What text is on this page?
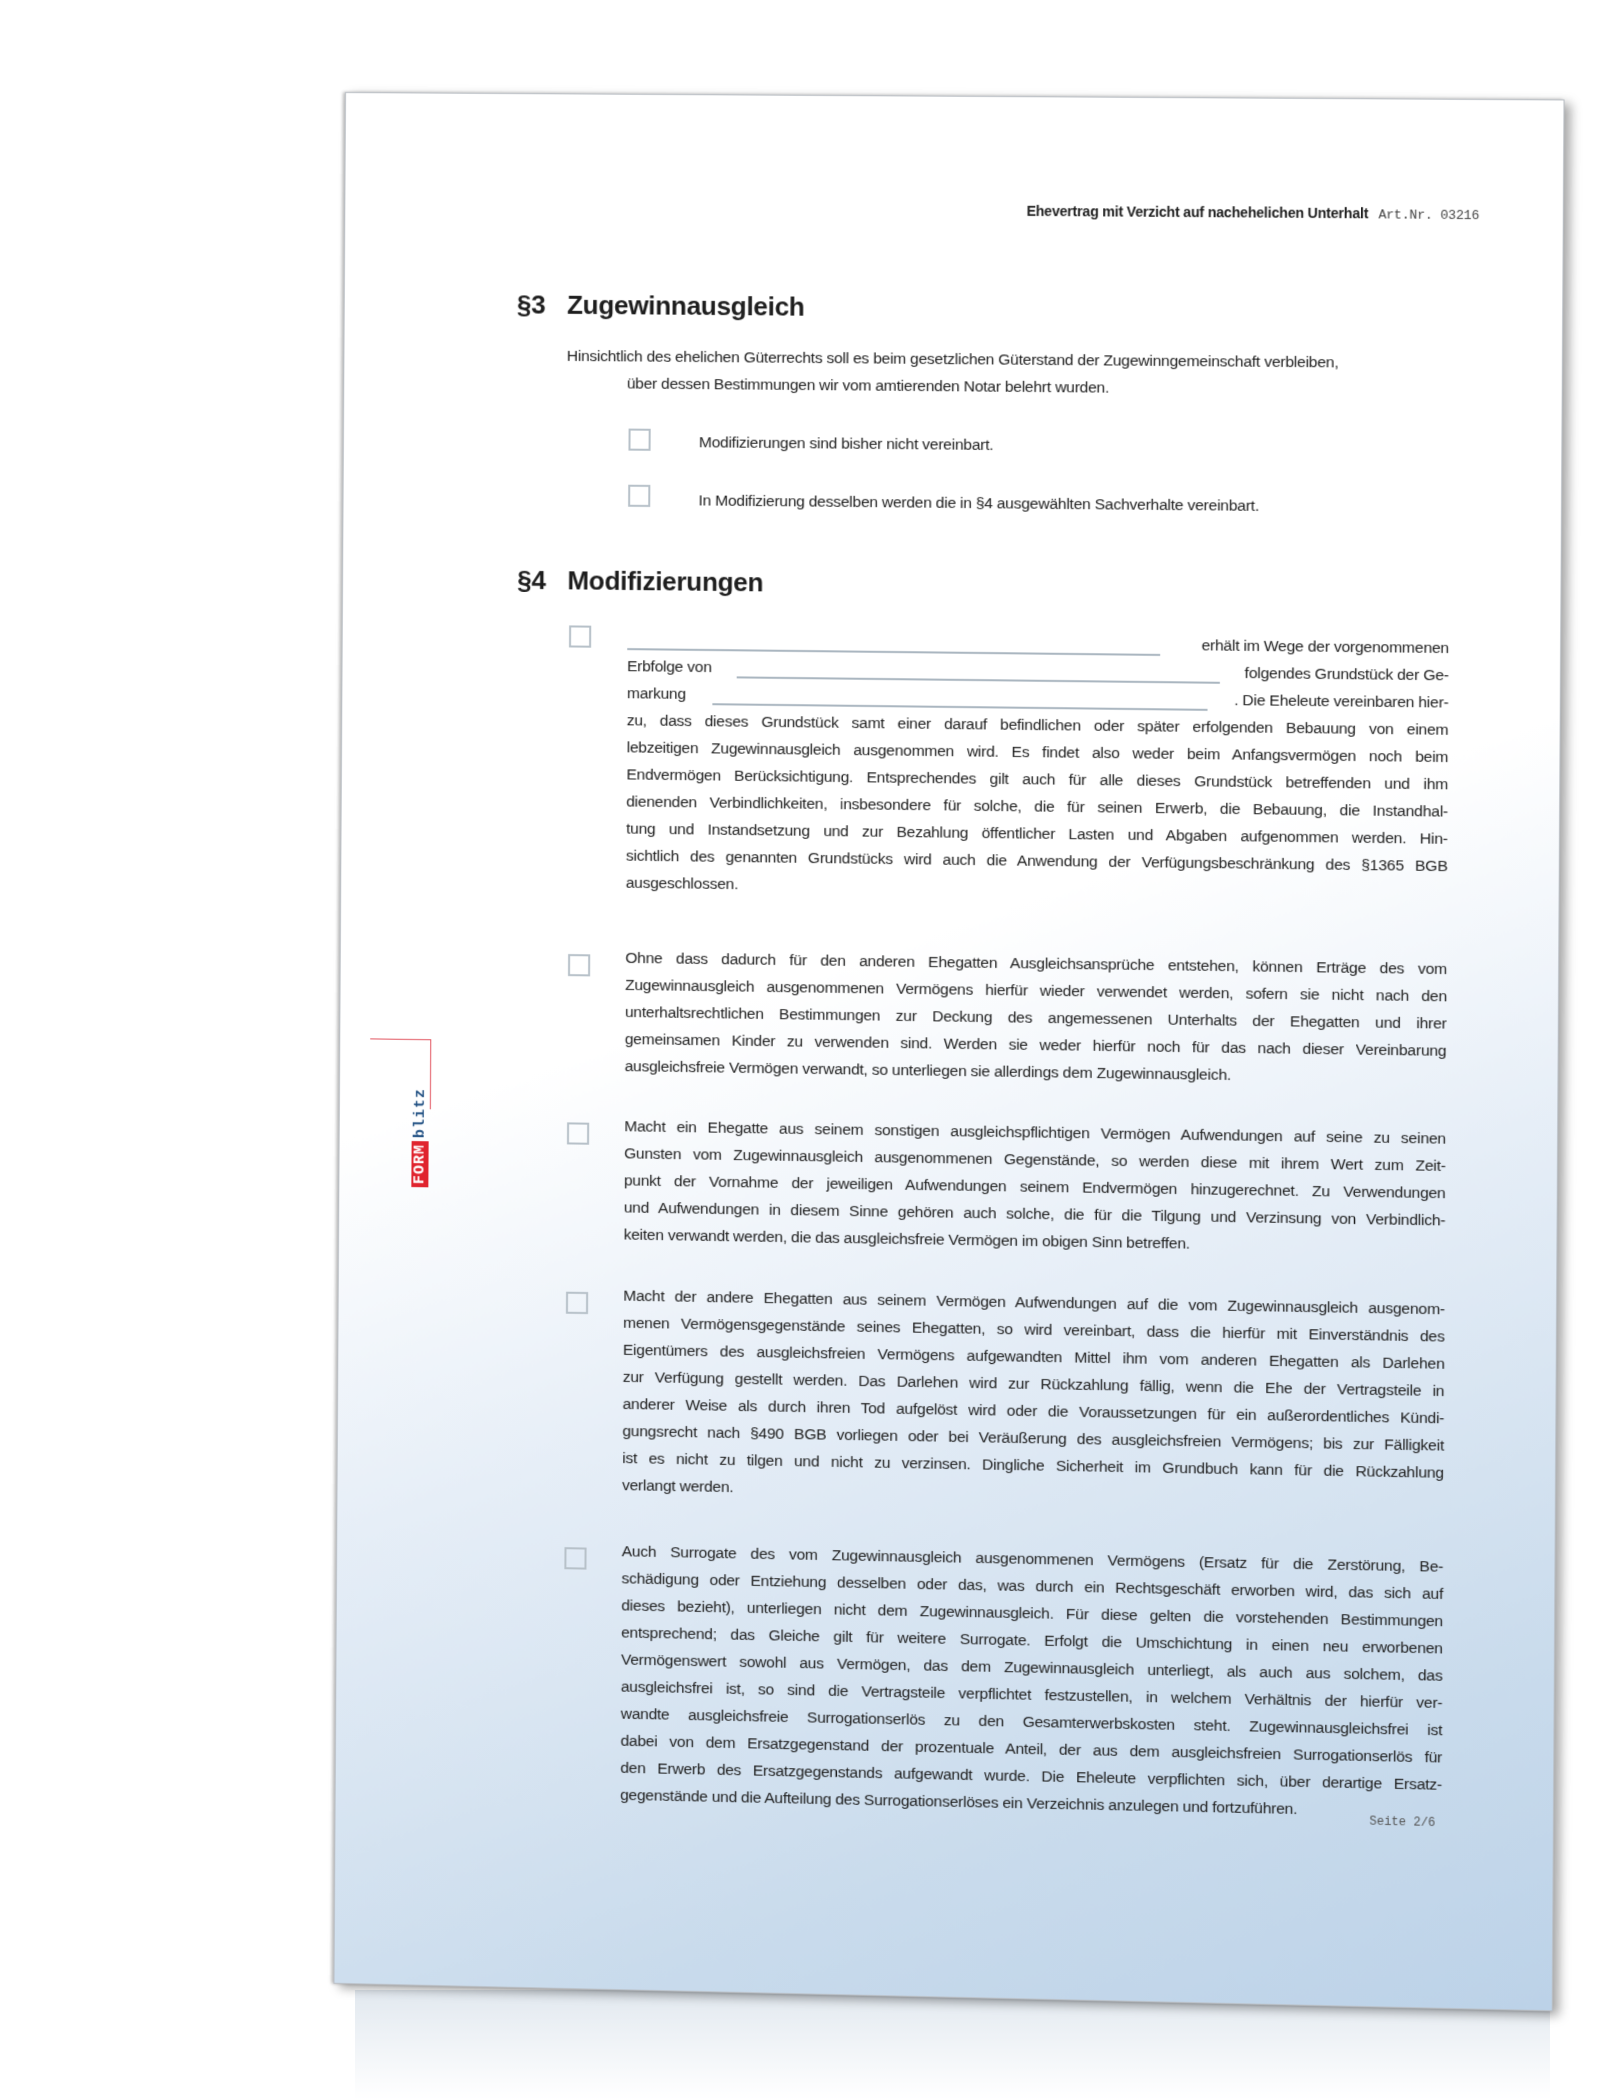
Ehevertrag mit Verzicht auf nachehelichen Unterhalt Art.Nr. 03216
FORMblitz
§3 Zugewinnausgleich
Hinsichtlich des ehelichen Güterrechts soll es beim gesetzlichen Güterstand der Zugewinngemeinschaft verbleiben,
über dessen Bestimmungen wir vom amtierenden Notar belehrt wurden.
Modifizierungen sind bisher nicht vereinbart.
In Modifizierung desselben werden die in §4 ausgewählten Sachverhalte vereinbart.
§4 Modifizierungen
erhält im Wege der vorgenommenen
Erbfolge von	folgendes Grundstück der Ge-
markung	. Die Eheleute vereinbaren hier-
zu, dass dieses Grundstück samt einer darauf befindlichen oder später erfolgenden Bebauung von einem
lebzeitigen Zugewinnausgleich ausgenommen wird. Es findet also weder beim Anfangsvermögen noch beim
Endvermögen Berücksichtigung. Entsprechendes gilt auch für alle dieses Grundstück betreffenden und ihm
dienenden Verbindlichkeiten, insbesondere für solche, die für seinen Erwerb, die Bebauung, die Instandhal-
tung und Instandsetzung und zur Bezahlung öffentlicher Lasten und Abgaben aufgenommen werden. Hin-
sichtlich des genannten Grundstücks wird auch die Anwendung der Verfügungsbeschränkung des §1365 BGB
ausgeschlossen.
Ohne dass dadurch für den anderen Ehegatten Ausgleichsansprüche entstehen, können Erträge des vom
Zugewinnausgleich ausgenommenen Vermögens hierfür wieder verwendet werden, sofern sie nicht nach den
unterhaltsrechtlichen Bestimmungen zur Deckung des angemessenen Unterhalts der Ehegatten und ihrer
gemeinsamen Kinder zu verwenden sind. Werden sie weder hierfür noch für das nach dieser Vereinbarung
ausgleichsfreie Vermögen verwandt, so unterliegen sie allerdings dem Zugewinnausgleich.
Macht ein Ehegatte aus seinem sonstigen ausgleichspflichtigen Vermögen Aufwendungen auf seine zu seinen
Gunsten vom Zugewinnausgleich ausgenommenen Gegenstände, so werden diese mit ihrem Wert zum Zeit-
punkt der Vornahme der jeweiligen Aufwendungen seinem Endvermögen hinzugerechnet. Zu Verwendungen
und Aufwendungen in diesem Sinne gehören auch solche, die für die Tilgung und Verzinsung von Verbindlich-
keiten verwandt werden, die das ausgleichsfreie Vermögen im obigen Sinn betreffen.
Macht der andere Ehegatten aus seinem Vermögen Aufwendungen auf die vom Zugewinnausgleich ausgenom-
menen Vermögensgegenstände seines Ehegatten, so wird vereinbart, dass die hierfür mit Einverständnis des
Eigentümers des ausgleichsfreien Vermögens aufgewandten Mittel ihm vom anderen Ehegatten als Darlehen
zur Verfügung gestellt werden. Das Darlehen wird zur Rückzahlung fällig, wenn die Ehe der Vertragsteile in
anderer Weise als durch ihren Tod aufgelöst wird oder die Voraussetzungen für ein außerordentliches Kündi-
gungsrecht nach §490 BGB vorliegen oder bei Veräußerung des ausgleichsfreien Vermögens; bis zur Fälligkeit
ist es nicht zu tilgen und nicht zu verzinsen. Dingliche Sicherheit im Grundbuch kann für die Rückzahlung
verlangt werden.
Auch Surrogate des vom Zugewinnausgleich ausgenommenen Vermögens (Ersatz für die Zerstörung, Be-
schädigung oder Entziehung desselben oder das, was durch ein Rechtsgeschäft erworben wird, das sich auf
dieses bezieht), unterliegen nicht dem Zugewinnausgleich. Für diese gelten die vorstehenden Bestimmungen
entsprechend; das Gleiche gilt für weitere Surrogate. Erfolgt die Umschichtung in einen neu erworbenen
Vermögenswert sowohl aus Vermögen, das dem Zugewinnausgleich unterliegt, als auch aus solchem, das
ausgleichsfrei ist, so sind die Vertragsteile verpflichtet festzustellen, in welchem Verhältnis der hierfür ver-
wandte ausgleichsfreie Surrogationserlös zu den Gesamterwerbskosten steht. Zugewinnausgleichsfrei ist
dabei von dem Ersatzgegenstand der prozentuale Anteil, der aus dem ausgleichsfreien Surrogationserlös für
den Erwerb des Ersatzgegenstands aufgewandt wurde. Die Eheleute verpflichten sich, über derartige Ersatz-
gegenstände und die Aufteilung des Surrogationserlöses ein Verzeichnis anzulegen und fortzuführen.
Seite 2/6
